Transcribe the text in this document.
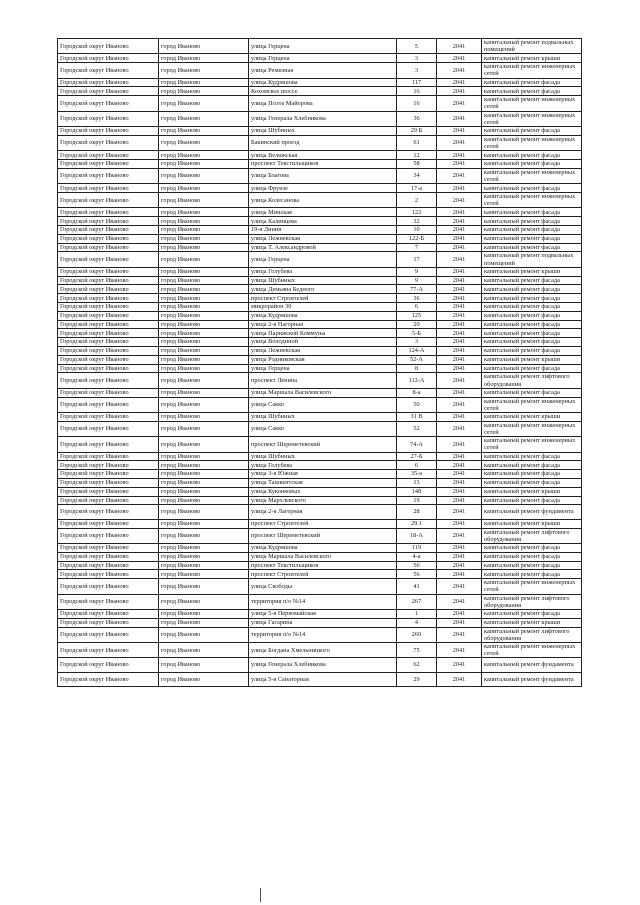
Городской округ Иваново	город Иваново	улица Герцена	5	2041	капитальный ремонт подвальных помещений
Городской округ Иваново	город Иваново	улица Герцена	3	2041	капитальный ремонт крыши
Городской округ Иваново	город Иваново	улица Ремизная	3	2041	капитальный ремонт инженерных сетей
Городской округ Иваново	город Иваново	улица Кудряшова	117	2041	капитальный ремонт фасада
Городской округ Иваново	город Иваново	Кохомское шоссе	16	2041	капитальный ремонт фасада
Городской округ Иваново	город Иваново	улица Поэта Майорова	16	2041	капитальный ремонт инженерных сетей
Городской округ Иваново	город Иваново	улица Генерала Хлебникова	36	2041	капитальный ремонт инженерных сетей
Городской округ Иваново	город Иваново	улица Шубиных	29 Б	2041	капитальный ремонт фасада
Городской округ Иваново	город Иваново	Бакинский проезд	61	2041	капитальный ремонт инженерных сетей
Городской округ Иваново	город Иваново	улица Велижская	12	2041	капитальный ремонт фасада
Городской округ Иваново	город Иваново	проспект Текстильщиков	58	2041	капитальный ремонт фасада
Городской округ Иваново	город Иваново	улица Благова	34	2041	капитальный ремонт инженерных сетей
Городской округ Иваново	город Иваново	улица Фрунзе	17-а	2041	капитальный ремонт фасада
Городской округ Иваново	город Иваново	улица Колесанова	2	2041	капитальный ремонт инженерных сетей
Городской округ Иваново	город Иваново	улица Минская	122	2041	капитальный ремонт фасада
Городской округ Иваново	город Иваново	улица Калинцева	32	2041	капитальный ремонт фасада
Городской округ Иваново	город Иваново	19-я Линия	10	2041	капитальный ремонт фасада
Городской округ Иваново	город Иваново	улица Лежневская	122-Б	2041	капитальный ремонт фасада
Городской округ Иваново	город Иваново	улица Т. Александровой	7	2041	капитальный ремонт фасада
Городской округ Иваново	город Иваново	улица Герцена	17	2041	капитальный ремонт подвальных помещений
Городской округ Иваново	город Иваново	улица Голубева	9	2041	капитальный ремонт крыши
Городской округ Иваново	город Иваново	улица Шубиных	9	2041	капитальный ремонт фасада
Городской округ Иваново	город Иваново	улица Демьяна Бедного	77-А	2041	капитальный ремонт фасада
Городской округ Иваново	город Иваново	проспект Строителей	36	2041	капитальный ремонт фасада
Городской округ Иваново	город Иваново	микрорайон 30	6	2041	капитальный ремонт фасада
Городской округ Иваново	город Иваново	улица Кудряшова	125	2041	капитальный ремонт фасада
Городской округ Иваново	город Иваново	улица 2-я Нагорная	20	2041	капитальный ремонт фасада
Городской округ Иваново	город Иваново	улица Парижской Коммуны	5-Б	2041	капитальный ремонт фасада
Городской округ Иваново	город Иваново	улица Володиной	3	2041	капитальный ремонт фасада
Городской округ Иваново	город Иваново	улица Лежневская	124-А	2041	капитальный ремонт фасада
Городской округ Иваново	город Иваново	улица Родниковская	52-А	2041	капитальный ремонт крыши
Городской округ Иваново	город Иваново	улица Герцена	8	2041	капитальный ремонт фасада
Городской округ Иваново	город Иваново	проспект Ленина	112-А	2041	капитальный ремонт лифтового оборудования
Городской округ Иваново	город Иваново	улица Маршала Василевского	8-а	2041	капитальный ремонт фасада
Городской округ Иваново	город Иваново	улица Сакко	50	2041	капитальный ремонт инженерных сетей
Городской округ Иваново	город Иваново	улица Шубиных	31 В	2041	капитальный ремонт крыши
Городской округ Иваново	город Иваново	улица Сакко	52	2041	капитальный ремонт инженерных сетей
Городской округ Иваново	город Иваново	проспект Шереметевский	74-А	2041	капитальный ремонт инженерных сетей
Городской округ Иваново	город Иваново	улица Шубиных	27-Б	2041	капитальный ремонт фасада
Городской округ Иваново	город Иваново	улица Голубева	6	2041	капитальный ремонт фасада
Городской округ Иваново	город Иваново	улица 3-я Южная	35-а	2041	капитальный ремонт фасада
Городской округ Иваново	город Иваново	улица Ташкентская	13	2041	капитальный ремонт фасада
Городской округ Иваново	город Иваново	улица Куконковых	148	2041	капитальный ремонт крыши
Городской округ Иваново	город Иваново	улица Мархлевского	19	2041	капитальный ремонт фасада
Городской округ Иваново	город Иваново	улица 2-я Лагерная	28	2041	капитальный ремонт фундамента
Городской округ Иваново	город Иваново	проспект Строителей	29.1	2041	капитальный ремонт крыши
Городской округ Иваново	город Иваново	проспект Шереметевский	18-А	2041	капитальный ремонт лифтового оборудования
Городской округ Иваново	город Иваново	улица Кудряшова	119	2041	капитальный ремонт фасада
Городской округ Иваново	город Иваново	улица Маршала Василевского	4-а	2041	капитальный ремонт фасада
Городской округ Иваново	город Иваново	проспект Текстильщиков	56	2041	капитальный ремонт фасада
Городской округ Иваново	город Иваново	проспект Строителей	56	2041	капитальный ремонт фасада
Городской округ Иваново	город Иваново	улица Свободы	41	2041	капитальный ремонт инженерных сетей
Городской округ Иваново	город Иваново	территория п/о №14	267	2041	капитальный ремонт лифтового оборудования
Городской округ Иваново	город Иваново	улица 5-я Первомайская	1	2041	капитальный ремонт фасада
Городской округ Иваново	город Иваново	улица Гагарина	4	2041	капитальный ремонт крыши
Городской округ Иваново	город Иваново	территория п/о №14	260	2041	капитальный ремонт лифтового оборудования
Городской округ Иваново	город Иваново	улица Богдана Хмельницкого	75	2041	капитальный ремонт инженерных сетей
Городской округ Иваново	город Иваново	улица Генерала Хлебникова	62	2041	капитальный ремонт фундамента
Городской округ Иваново	город Иваново	улица 5-я Санаторная	29	2041	капитальный ремонт фундамента
